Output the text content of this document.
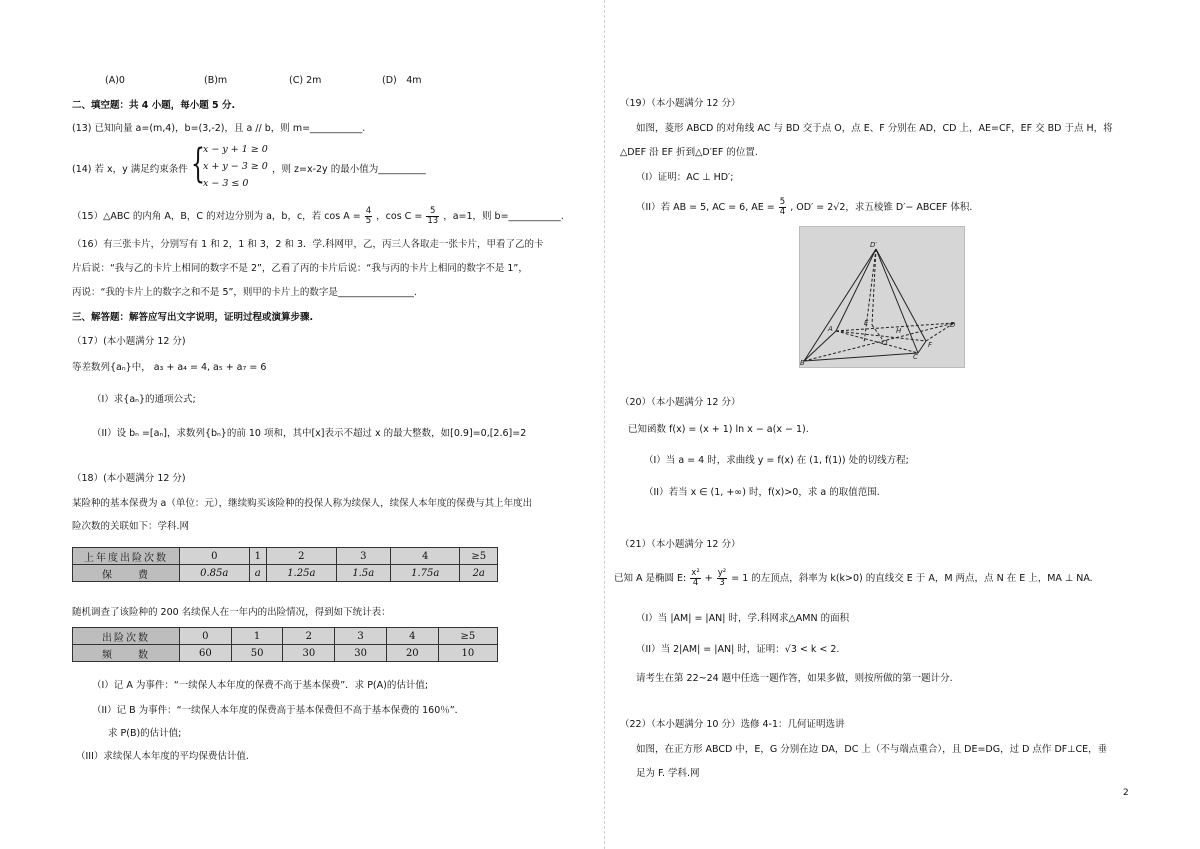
(A)0	(B)m	(C) 2m	(D)　4m
二、填空题：共 4 小题，每小题 5 分.
(13) 已知向量 a=(m,4)，b=(3,-2)，且 a // b，则 m=___________.
(14) 若 x，y 满足约束条件 {
x − y + 1 ≥ 0
x + y − 3 ≥ 0
x − 3 ≤ 0
，则 z=x-2y 的最小值为__________
（15）△ABC 的内角 A，B，C 的对边分别为 a，b，c，若 $\cos A = \frac{4}{5}$ ，$\cos C = \frac{5}{13}$ ，a=1，则 b=___________.
（16）有三张卡片，分别写有 1 和 2，1 和 3，2 和 3．学.科网甲，乙，丙三人各取走一张卡片，甲看了乙的卡
片后说：“我与乙的卡片上相同的数字不是 2”，乙看了丙的卡片后说：“我与丙的卡片上相同的数字不是 1”，
丙说：“我的卡片上的数字之和不是 5”，则甲的卡片上的数字是________________.
三、解答题：解答应写出文字说明，证明过程或演算步骤.
（17）(本小题满分 12 分)
等差数列{aₙ}中， a₃ + a₄ = 4, a₅ + a₇ = 6
（I）求{aₙ}的通项公式;
（II）设 bₙ =[aₙ]，求数列{bₙ}的前 10 项和，其中[x]表示不超过 x 的最大整数，如[0.9]=0,[2.6]=2
（18）(本小题满分 12 分)
某险种的基本保费为 a（单位：元），继续购买该险种的投保人称为续保人，续保人本年度的保费与其上年度出
险次数的关联如下：学科.网
上年度出险次数	0	1	2	3	4	≥5
保　　费	0.85a	a	1.25a	1.5a	1.75a	2a
随机调查了该险种的 200 名续保人在一年内的出险情况，得到如下统计表：
出险次数	0	1	2	3	4	≥5
频　　数	60	50	30	30	20	10
（I）记 A 为事件：“一续保人本年度的保费不高于基本保费”．求 P(A)的估计值;
（II）记 B 为事件：“一续保人本年度的保费高于基本保费但不高于基本保费的 160％”．
求 P(B)的估计值;
（III）求续保人本年度的平均保费估计值.
（19）（本小题满分 12 分）
如图，菱形 ABCD 的对角线 AC 与 BD 交于点 O，点 E、F 分别在 AD，CD 上，AE=CF，EF 交 BD 于点 H，将
△DEF 沿 EF 折到△D′EF 的位置.
（I）证明：AC ⊥ HD′;
（II）若 AB = 5, AC = 6, AE = $\frac{5}{4}$ , OD′ = 2√2，求五棱锥 D′− ABCEF 体积.
（20）（本小题满分 12 分）
已知函数 f(x) = (x + 1) ln x − a(x − 1).
（I）当 a = 4 时，求曲线 y = f(x) 在 (1, f(1)) 处的切线方程;
（II）若当 x ∈ (1, +∞) 时，f(x)>0，求 a 的取值范围.
（21）（本小题满分 12 分）
已知 A 是椭圆 E: $\frac{\text{x²}}{4} + \frac{\text{y²}}{3} = 1$ 的左顶点，斜率为 k(k>0) 的直线交 E 于 A，M 两点，点 N 在 E 上，MA ⊥ NA.
（I）当 |AM| = |AN| 时，学.科网求△AMN 的面积
（II）当 2|AM| = |AN| 时，证明：√3 < k < 2.
请考生在第 22~24 题中任选一题作答，如果多做，则按所做的第一题计分.
（22）（本小题满分 10 分）选修 4-1：几何证明选讲
如图，在正方形 ABCD 中，E，G 分别在边 DA，DC 上（不与端点重合），且 DE=DG，过 D 点作 DF⊥CE，垂
足为 F. 学科.网
D′
A
E
H
D
O
B
C
F
2
